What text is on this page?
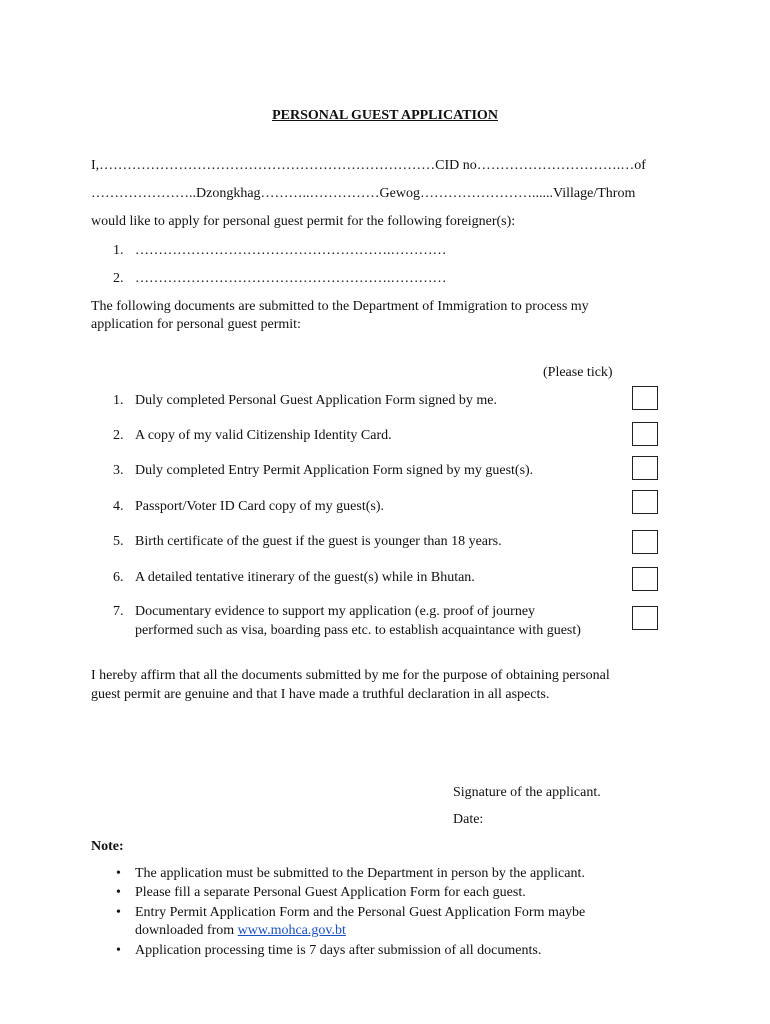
PERSONAL GUEST APPLICATION
I,………………………………………………………………CID no………………………….…of
…………………..Dzongkhag………..……………Gewog……………………......Village/Throm
would like to apply for personal guest permit for the following foreigner(s):
1. ……………………………………………….…………
2. ……………………………………………….…………
The following documents are submitted to the Department of Immigration to process my
application for personal guest permit:
(Please tick)
1. Duly completed Personal Guest Application Form signed by me.
2. A copy of my valid Citizenship Identity Card.
3. Duly completed Entry Permit Application Form signed by my guest(s).
4. Passport/Voter ID Card copy of my guest(s).
5. Birth certificate of the guest if the guest is younger than 18 years.
6. A detailed tentative itinerary of the guest(s) while in Bhutan.
7. Documentary evidence to support my application (e.g. proof of journey
performed such as visa, boarding pass etc. to establish acquaintance with guest)
I hereby affirm that all the documents submitted by me for the purpose of obtaining personal
guest permit are genuine and that I have made a truthful declaration in all aspects.
Signature of the applicant.
Date:
Note:
• The application must be submitted to the Department in person by the applicant.
• Please fill a separate Personal Guest Application Form for each guest.
• Entry Permit Application Form and the Personal Guest Application Form maybe
downloaded from www.mohca.gov.bt
• Application processing time is 7 days after submission of all documents.
